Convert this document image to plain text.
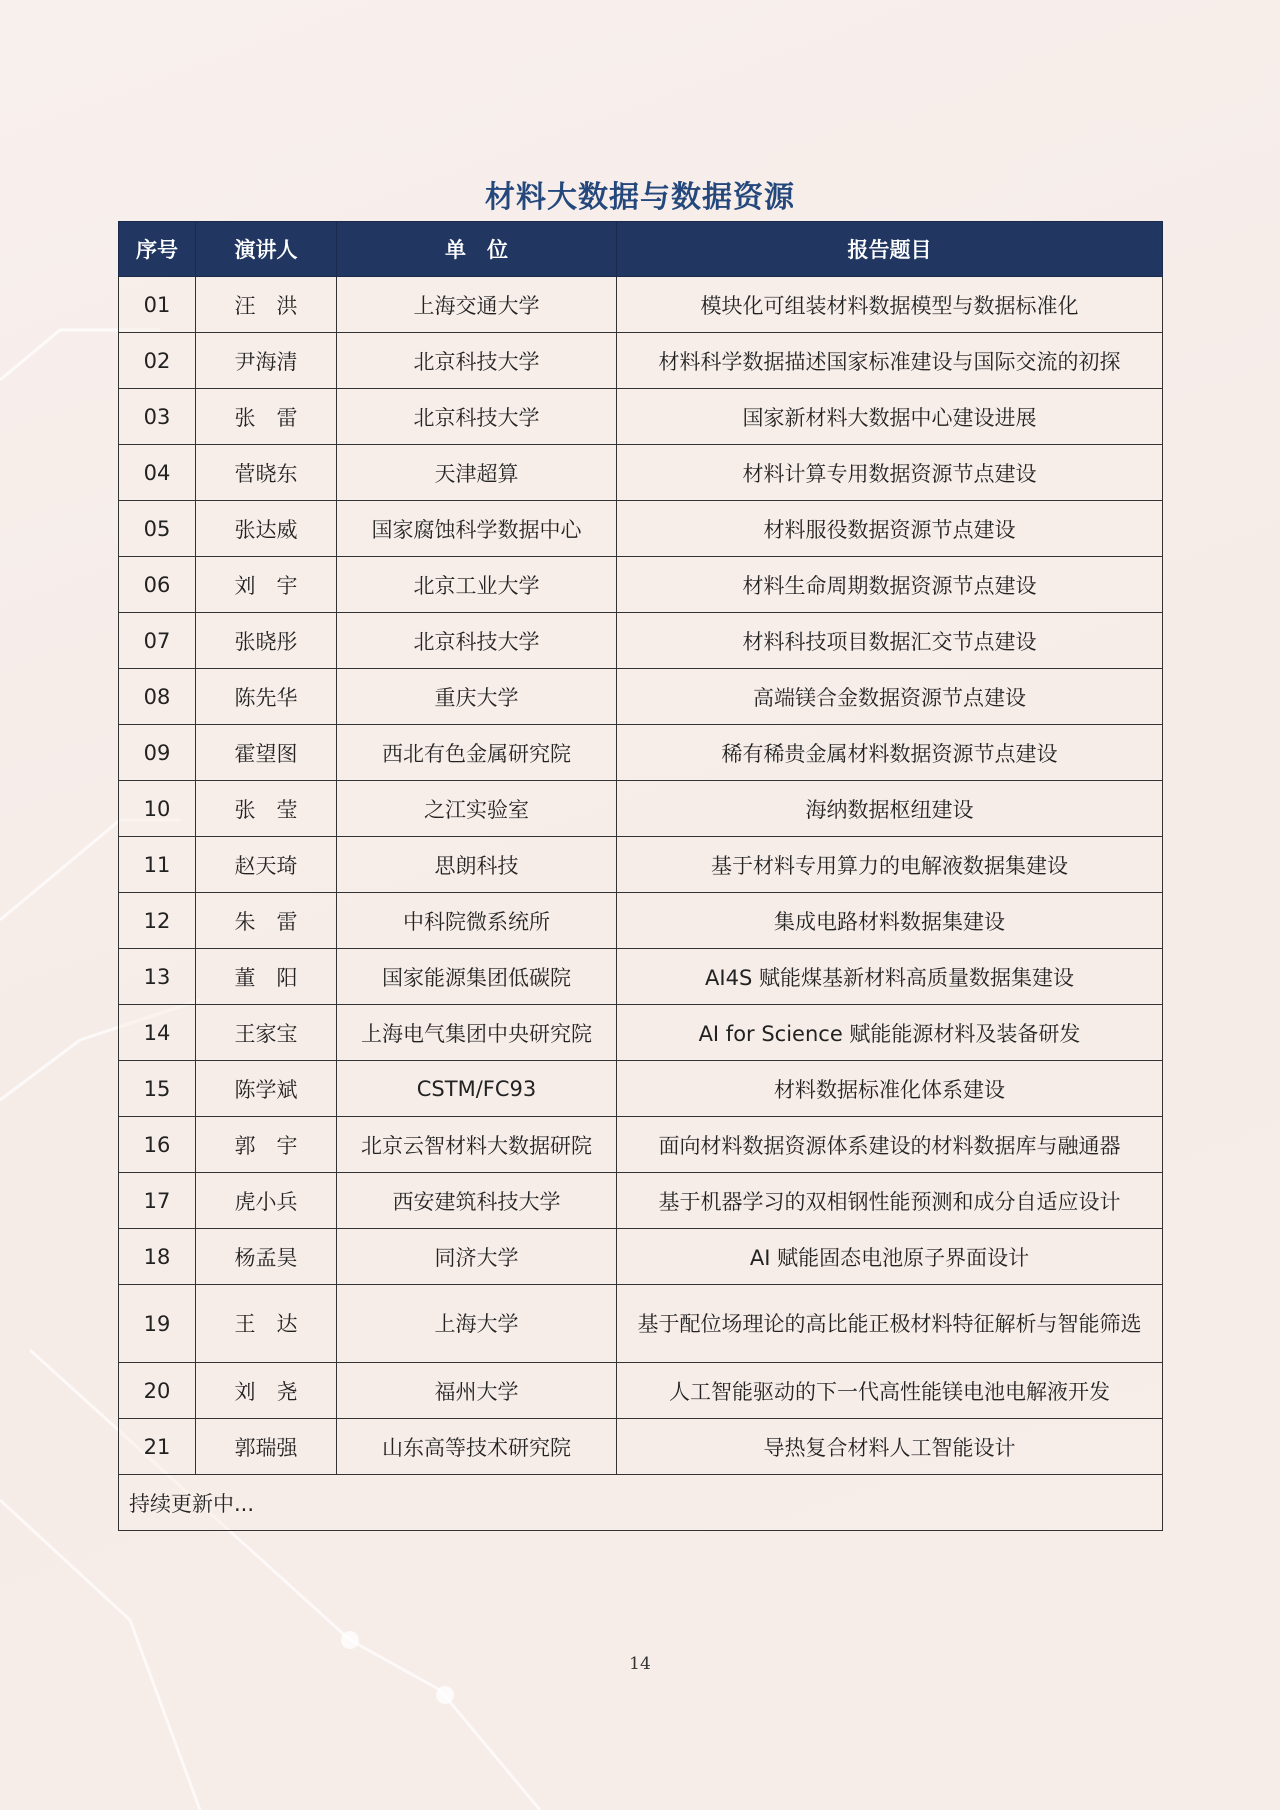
材料大数据与数据资源
序号	演讲人	单　位	报告题目
01	汪　洪	上海交通大学	模块化可组装材料数据模型与数据标准化
02	尹海清	北京科技大学	材料科学数据描述国家标准建设与国际交流的初探
03	张　雷	北京科技大学	国家新材料大数据中心建设进展
04	菅晓东	天津超算	材料计算专用数据资源节点建设
05	张达威	国家腐蚀科学数据中心	材料服役数据资源节点建设
06	刘　宇	北京工业大学	材料生命周期数据资源节点建设
07	张晓彤	北京科技大学	材料科技项目数据汇交节点建设
08	陈先华	重庆大学	高端镁合金数据资源节点建设
09	霍望图	西北有色金属研究院	稀有稀贵金属材料数据资源节点建设
10	张　莹	之江实验室	海纳数据枢纽建设
11	赵天琦	思朗科技	基于材料专用算力的电解液数据集建设
12	朱　雷	中科院微系统所	集成电路材料数据集建设
13	董　阳	国家能源集团低碳院	AI4S 赋能煤基新材料高质量数据集建设
14	王家宝	上海电气集团中央研究院	AI for Science 赋能能源材料及装备研发
15	陈学斌	CSTM/FC93	材料数据标准化体系建设
16	郭　宇	北京云智材料大数据研院	面向材料数据资源体系建设的材料数据库与融通器
17	虎小兵	西安建筑科技大学	基于机器学习的双相钢性能预测和成分自适应设计
18	杨孟昊	同济大学	AI 赋能固态电池原子界面设计
19	王　达	上海大学	基于配位场理论的高比能正极材料特征解析与智能筛选
20	刘　尧	福州大学	人工智能驱动的下一代高性能镁电池电解液开发
21	郭瑞强	山东高等技术研究院	导热复合材料人工智能设计
持续更新中...			
14
